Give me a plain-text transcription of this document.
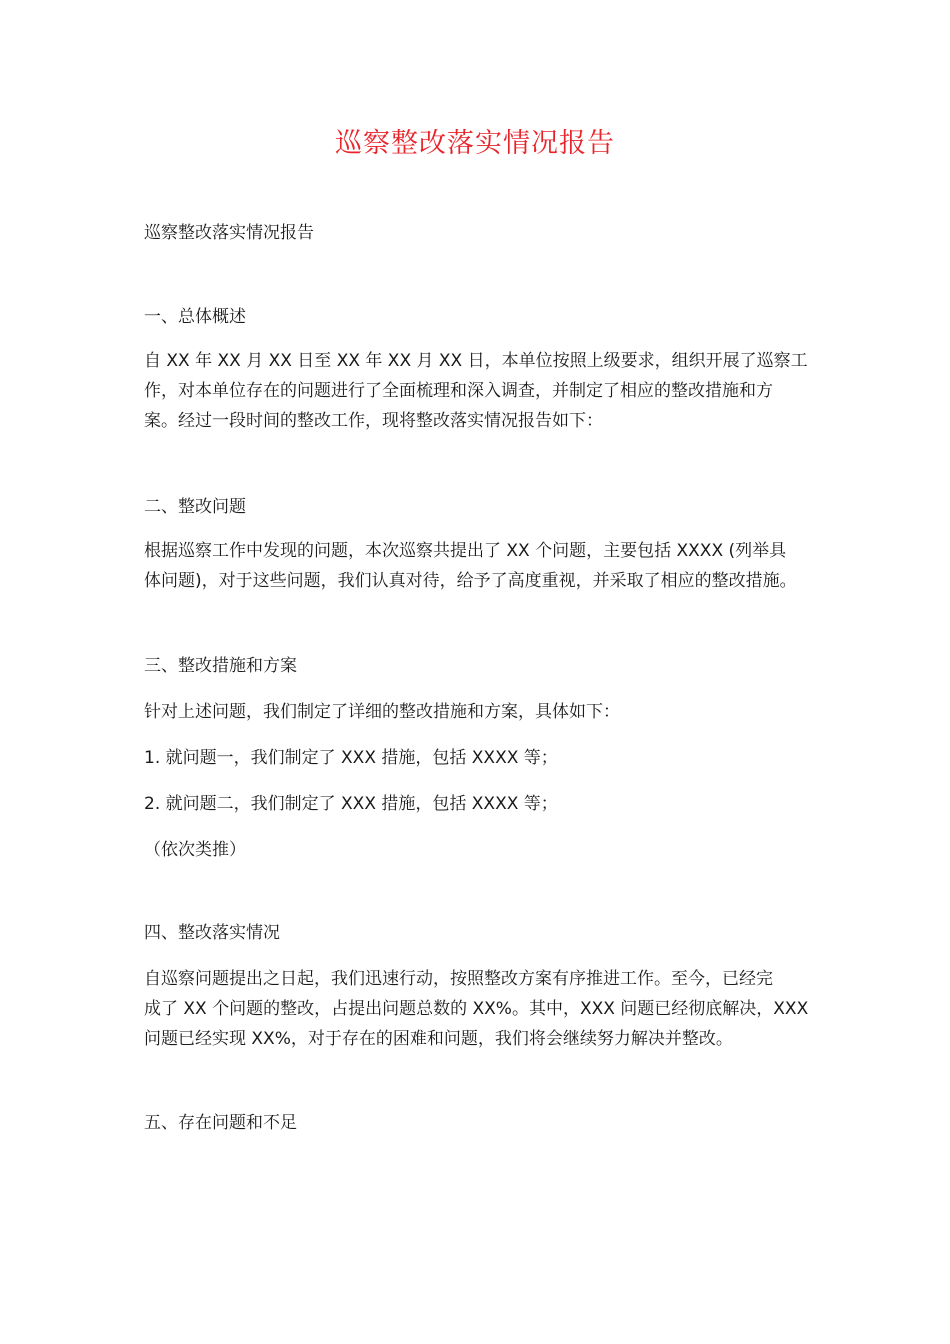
巡察整改落实情况报告
巡察整改落实情况报告
一、总体概述
自 XX 年 XX 月 XX 日至 XX 年 XX 月 XX 日，本单位按照上级要求，组织开展了巡察工
作，对本单位存在的问题进行了全面梳理和深入调查，并制定了相应的整改措施和方
案。经过一段时间的整改工作，现将整改落实情况报告如下：
二、整改问题
根据巡察工作中发现的问题，本次巡察共提出了 XX 个问题，主要包括 XXXX (列举具
体问题)，对于这些问题，我们认真对待，给予了高度重视，并采取了相应的整改措施。
三、整改措施和方案
针对上述问题，我们制定了详细的整改措施和方案，具体如下：
1. 就问题一，我们制定了 XXX 措施，包括 XXXX 等；
2. 就问题二，我们制定了 XXX 措施，包括 XXXX 等；
（依次类推）
四、整改落实情况
自巡察问题提出之日起，我们迅速行动，按照整改方案有序推进工作。至今，已经完
成了 XX 个问题的整改，占提出问题总数的 XX%。其中，XXX 问题已经彻底解决，XXX
问题已经实现 XX%，对于存在的困难和问题，我们将会继续努力解决并整改。
五、存在问题和不足
